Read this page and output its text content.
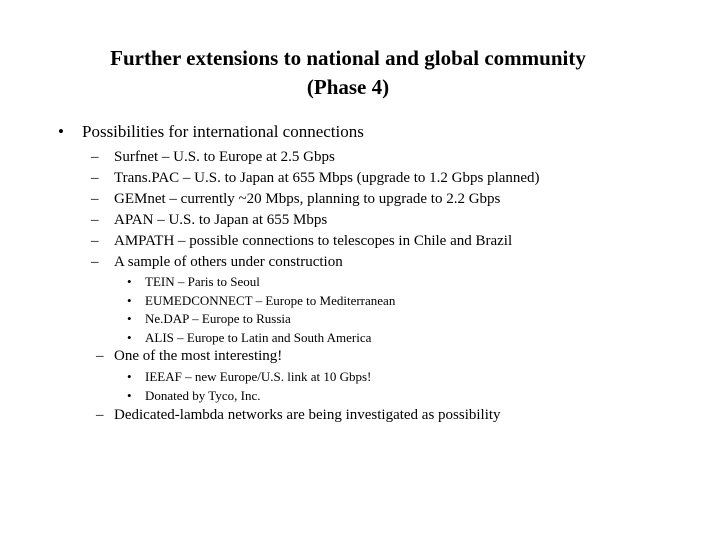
Further extensions to national and global community
(Phase 4)
• Possibilities for international connections
– Surfnet – U.S. to Europe at 2.5 Gbps
– Trans.PAC – U.S. to Japan at 655 Mbps (upgrade to 1.2 Gbps planned)
– GEMnet – currently ~20 Mbps, planning to upgrade to 2.2 Gbps
– APAN – U.S. to Japan at 655 Mbps
– AMPATH – possible connections to telescopes in Chile and Brazil
– A sample of others under construction
• TEIN – Paris to Seoul
• EUMEDCONNECT – Europe to Mediterranean
• Ne.DAP – Europe to Russia
• ALIS – Europe to Latin and South America
– One of the most interesting!
• IEEAF – new Europe/U.S. link at 10 Gbps!
• Donated by Tyco, Inc.
– Dedicated-lambda networks are being investigated as possibility
